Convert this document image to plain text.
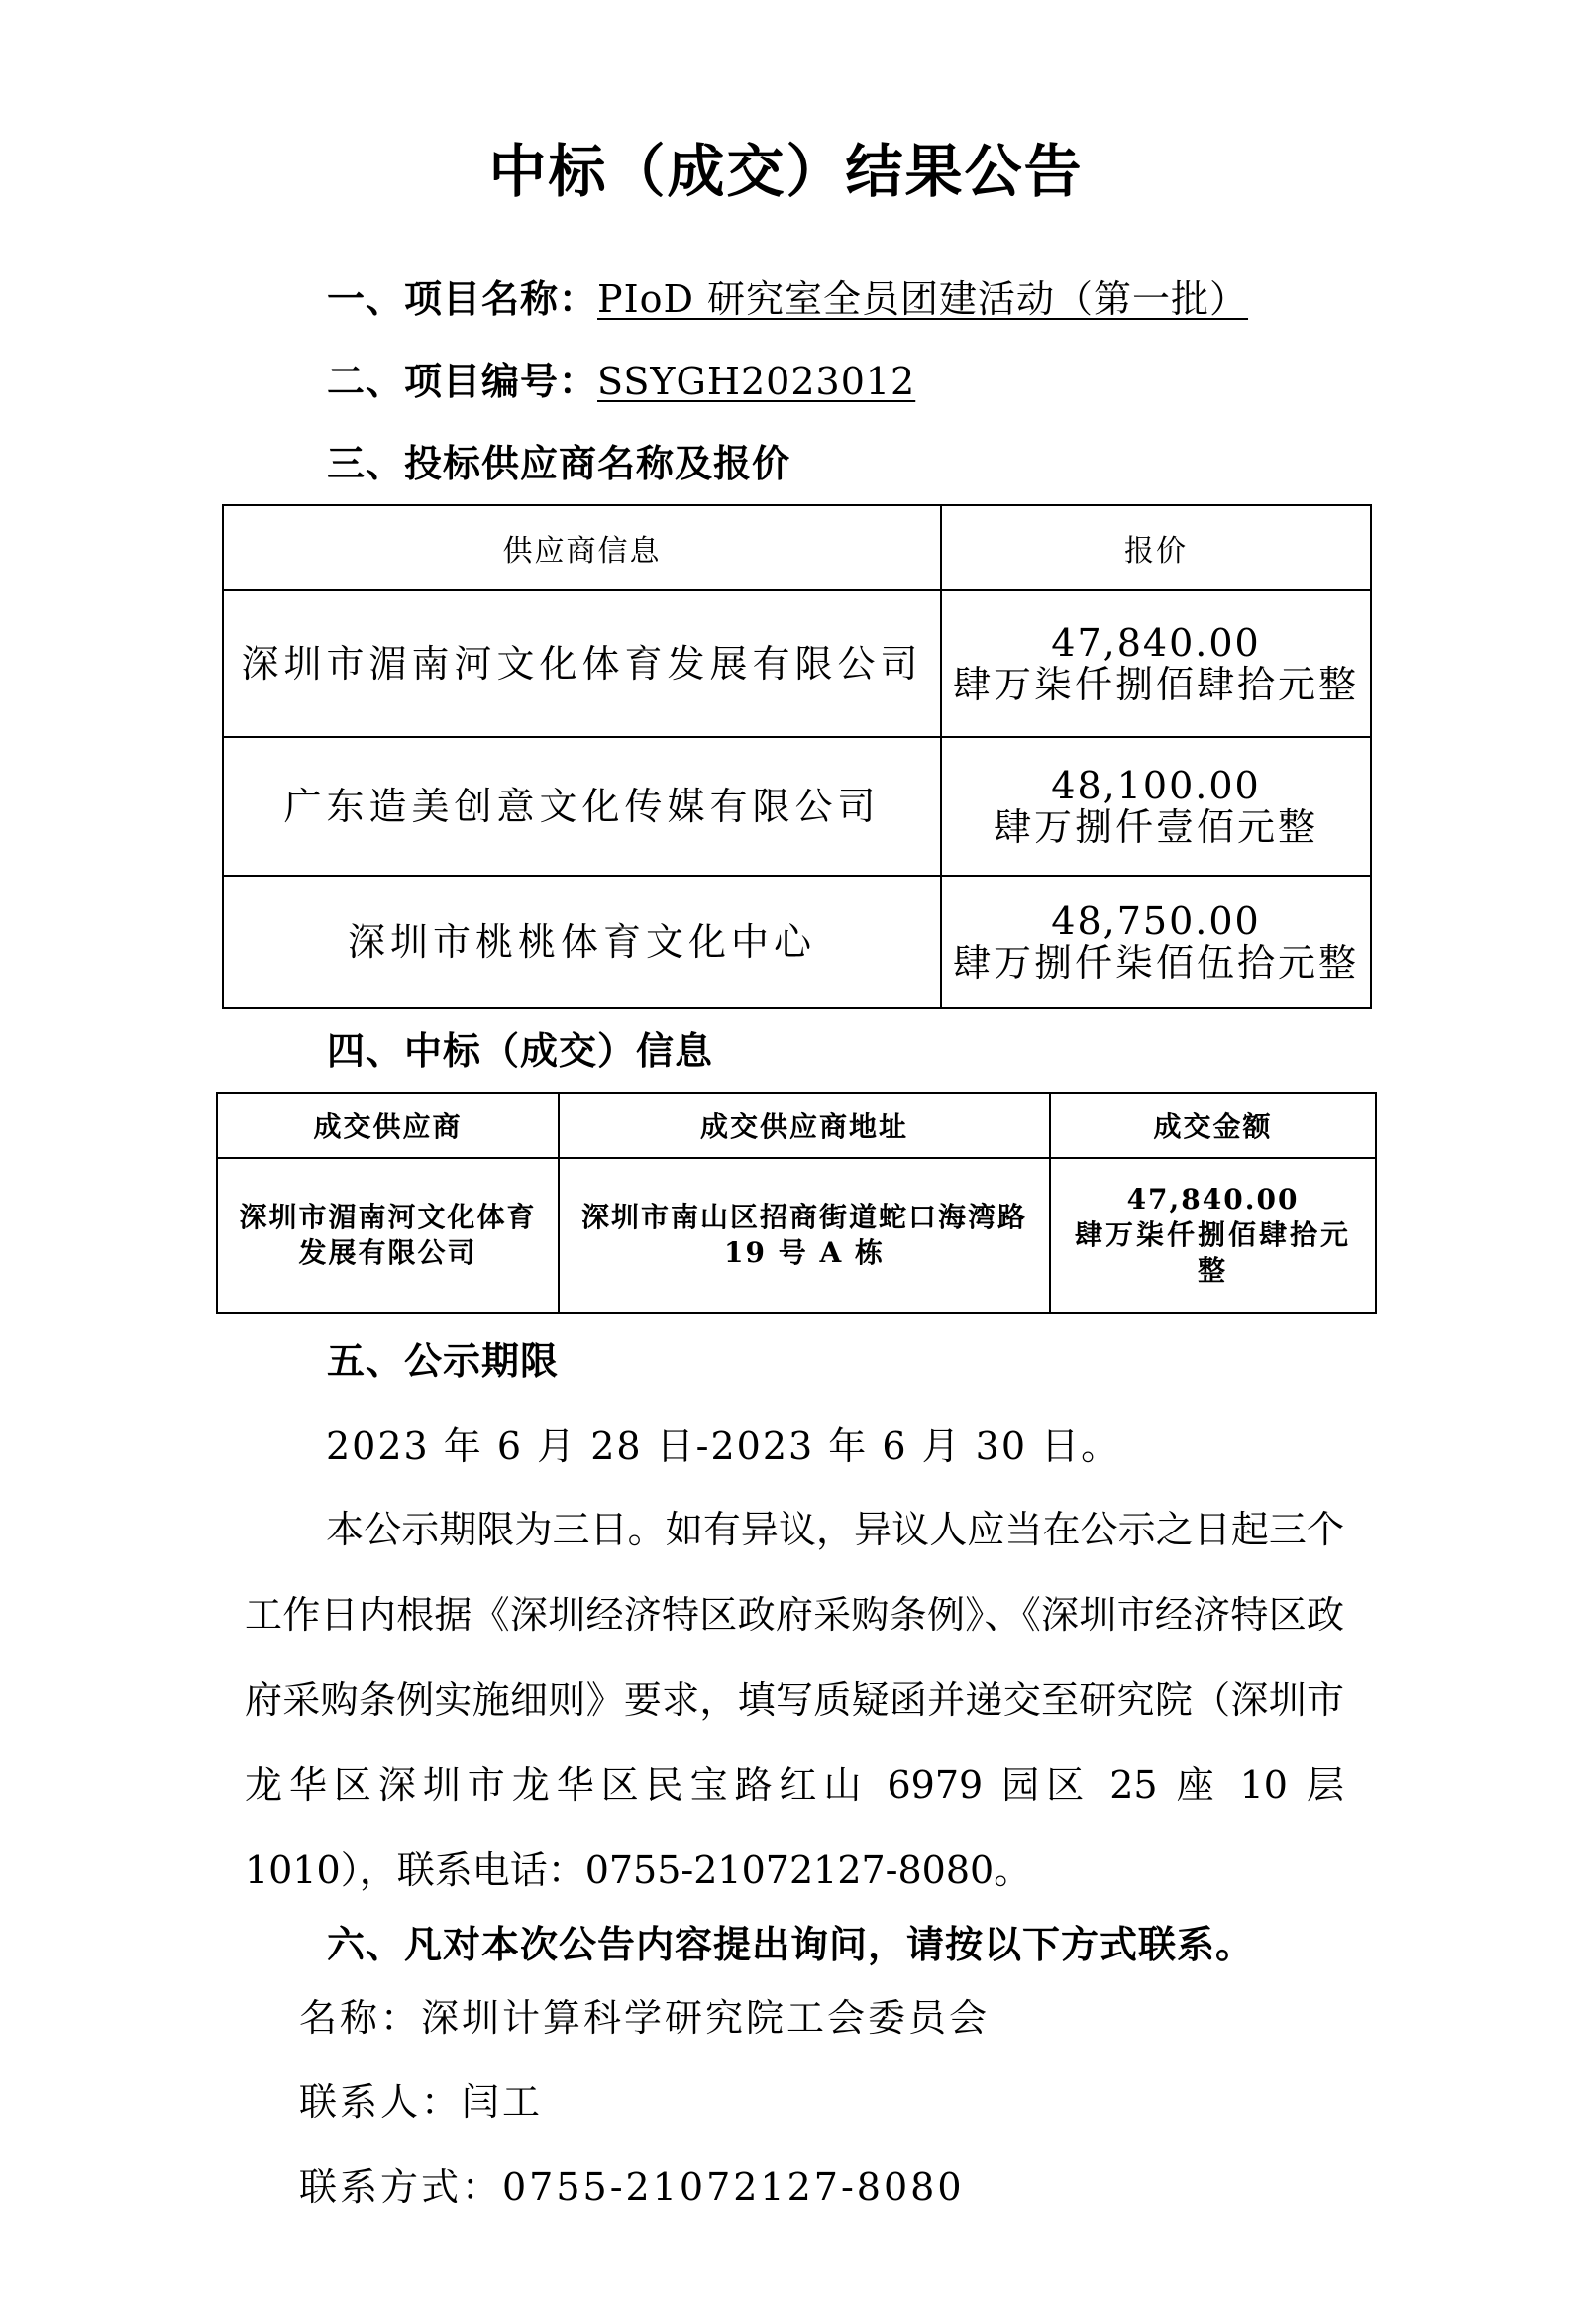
中标（成交）结果公告
一、项目名称：PIoD 研究室全员团建活动（第一批）
二、项目编号：SSYGH2023012
三、投标供应商名称及报价
供应商信息	报价
深圳市湄南河文化体育发展有限公司	47,840.00
肆万柒仟捌佰肆拾元整

广东造美创意文化传媒有限公司	48,100.00
肆万捌仟壹佰元整

深圳市桃桃体育文化中心	48,750.00
肆万捌仟柒佰伍拾元整
四、中标（成交）信息
成交供应商	成交供应商地址	成交金额
深圳市湄南河文化体育发展有限公司	深圳市南山区招商街道蛇口海湾路 19 号 A 栋	47,840.00
肆万柒仟捌佰肆拾元整
五、公示期限
2023 年 6 月 28 日-2023 年 6 月 30 日。
本公示期限为三日。如有异议，异议人应当在公示之日起三个工作日内根据《深圳经济特区政府采购条例》、《深圳市经济特区政府采购条例实施细则》要求，填写质疑函并递交至研究院（深圳市龙华区深圳市龙华区民宝路红山 6979 园区 25 座 10 层 1010），联系电话：0755-21072127-8080。
六、凡对本次公告内容提出询问，请按以下方式联系。
名称：深圳计算科学研究院工会委员会
联系人：闫工
联系方式：0755-21072127-8080
